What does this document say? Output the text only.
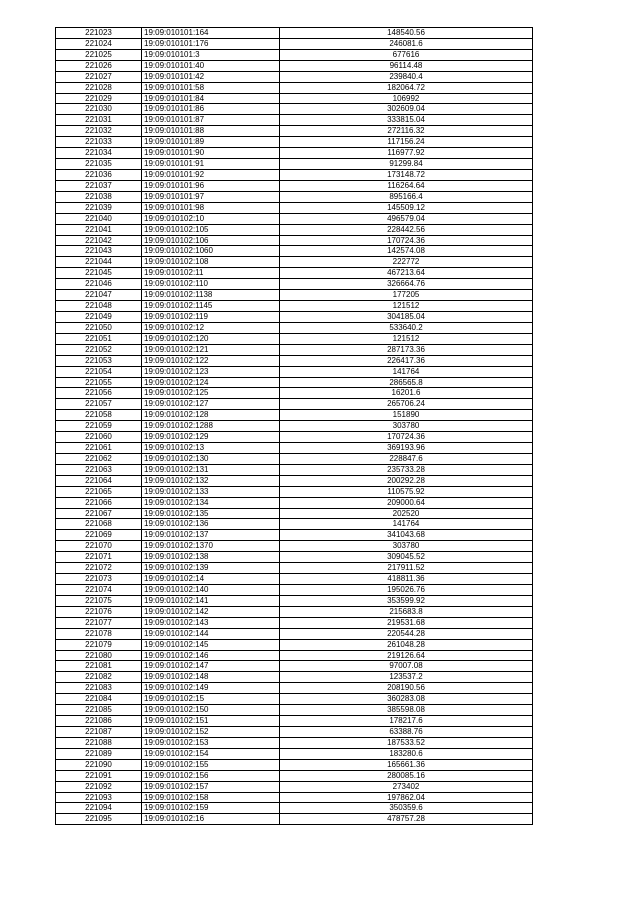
221023	19:09:010101:164	148540.56
221024	19:09:010101:176	246081.6
221025	19:09:010101:3	677616
221026	19:09:010101:40	96114.48
221027	19:09:010101:42	239840.4
221028	19:09:010101:58	182064.72
221029	19:09:010101:84	106992
221030	19:09:010101:86	302609.04
221031	19:09:010101:87	333815.04
221032	19:09:010101:88	272116.32
221033	19:09:010101:89	117156.24
221034	19:09:010101:90	116977.92
221035	19:09:010101:91	91299.84
221036	19:09:010101:92	173148.72
221037	19:09:010101:96	116264.64
221038	19:09:010101:97	895166.4
221039	19:09:010101:98	145509.12
221040	19:09:010102:10	496579.04
221041	19:09:010102:105	228442.56
221042	19:09:010102:106	170724.36
221043	19:09:010102:1060	142574.08
221044	19:09:010102:108	222772
221045	19:09:010102:11	467213.64
221046	19:09:010102:110	326664.76
221047	19:09:010102:1138	177205
221048	19:09:010102:1145	121512
221049	19:09:010102:119	304185.04
221050	19:09:010102:12	533640.2
221051	19:09:010102:120	121512
221052	19:09:010102:121	287173.36
221053	19:09:010102:122	226417.36
221054	19:09:010102:123	141764
221055	19:09:010102:124	286565.8
221056	19:09:010102:125	16201.6
221057	19:09:010102:127	265706.24
221058	19:09:010102:128	151890
221059	19:09:010102:1288	303780
221060	19:09:010102:129	170724.36
221061	19:09:010102:13	369193.96
221062	19:09:010102:130	228847.6
221063	19:09:010102:131	235733.28
221064	19:09:010102:132	200292.28
221065	19:09:010102:133	110575.92
221066	19:09:010102:134	209000.64
221067	19:09:010102:135	202520
221068	19:09:010102:136	141764
221069	19:09:010102:137	341043.68
221070	19:09:010102:1370	303780
221071	19:09:010102:138	309045.52
221072	19:09:010102:139	217911.52
221073	19:09:010102:14	418811.36
221074	19:09:010102:140	195026.76
221075	19:09:010102:141	353599.92
221076	19:09:010102:142	215683.8
221077	19:09:010102:143	219531.68
221078	19:09:010102:144	220544.28
221079	19:09:010102:145	261048.28
221080	19:09:010102:146	219126.64
221081	19:09:010102:147	97007.08
221082	19:09:010102:148	123537.2
221083	19:09:010102:149	208190.56
221084	19:09:010102:15	360283.08
221085	19:09:010102:150	385598.08
221086	19:09:010102:151	178217.6
221087	19:09:010102:152	63388.76
221088	19:09:010102:153	187533.52
221089	19:09:010102:154	183280.6
221090	19:09:010102:155	165661.36
221091	19:09:010102:156	280085.16
221092	19:09:010102:157	273402
221093	19:09:010102:158	197862.04
221094	19:09:010102:159	350359.6
221095	19:09:010102:16	478757.28
